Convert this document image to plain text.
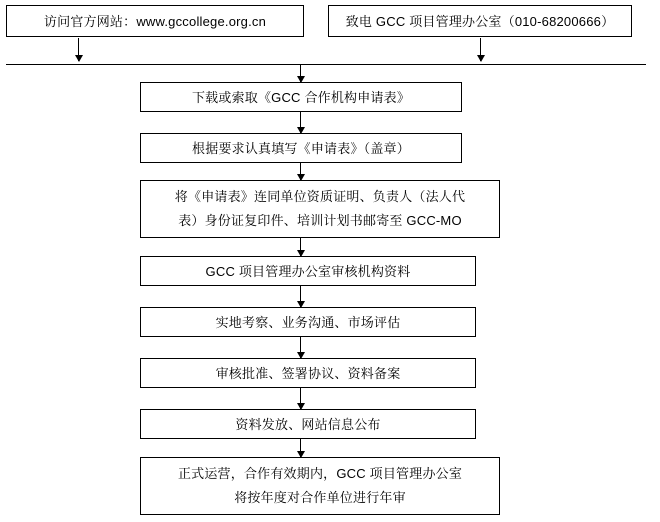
访问官方网站：www.gccollege.org.cn	致电 GCC 项目管理办公室（010-68200666）
下载或索取《GCC 合作机构申请表》
根据要求认真填写《申请表》（盖章）
将《申请表》连同单位资质证明、负责人（法人代
表）身份证复印件、培训计划书邮寄至 GCC-MO
GCC 项目管理办公室审核机构资料
实地考察、业务沟通、市场评估
审核批准、签署协议、资料备案
资料发放、网站信息公布
正式运营，合作有效期内，GCC 项目管理办公室
将按年度对合作单位进行年审
